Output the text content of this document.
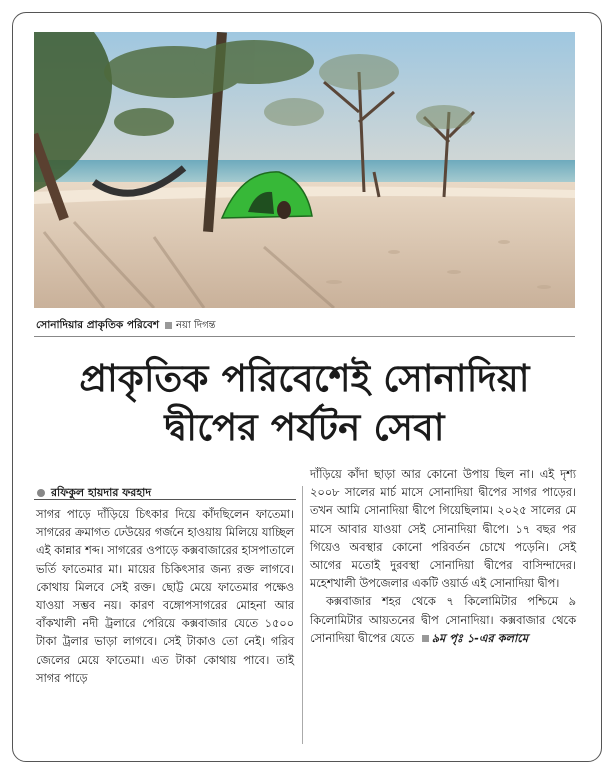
সোনাদিয়ার প্রাকৃতিক পরিবেশ নয়া দিগন্ত
প্রাকৃতিক পরিবেশেই সোনাদিয়া
দ্বীপের পর্যটন সেবা
রফিকুল হায়দার ফরহাদ

সাগর পাড়ে দাঁড়িয়ে চিৎকার দিয়ে কাঁদছিলেন ফাতেমা। সাগরের ক্রমাগত ঢেউয়ের গর্জনে হাওয়ায় মিলিয়ে যাচ্ছিল এই কান্নার শব্দ। সাগরের ওপাড়ে কক্সবাজারের হাসপাতালে ভর্তি ফাতেমার মা। মায়ের চিকিৎসার জন্য রক্ত লাগবে। কোথায় মিলবে সেই রক্ত। ছোট্ট মেয়ে ফাতেমার পক্ষেও যাওয়া সম্ভব নয়। কারণ বঙ্গোপসাগরের মোহনা আর বাঁকখালী নদী ট্রলারে পেরিয়ে কক্সবাজার যেতে ১৫০০ টাকা ট্রলার ভাড়া লাগবে। সেই টাকাও তো নেই। গরিব জেলের মেয়ে ফাতেমা। এত টাকা কোথায় পাবে। তাই সাগর পাড়ে

দাঁড়িয়ে কাঁদা ছাড়া আর কোনো উপায় ছিল না। এই দৃশ্য ২০০৮ সালের মার্চ মাসে সোনাদিয়া দ্বীপের সাগর পাড়ের। তখন আমি সোনাদিয়া দ্বীপে গিয়েছিলাম। ২০২৫ সালের মে মাসে আবার যাওয়া সেই সোনাদিয়া দ্বীপে। ১৭ বছর পর গিয়েও অবস্থার কোনো পরিবর্তন চোখে পড়েনি। সেই আগের মতোই দুরবস্থা সোনাদিয়া দ্বীপের বাসিন্দাদের। মহেশখালী উপজেলার একটি ওয়ার্ড এই সোনাদিয়া দ্বীপ।

কক্সবাজার শহর থেকে ৭ কিলোমিটার পশ্চিমে ৯ কিলোমিটার আয়তনের দ্বীপ সোনাদিয়া। কক্সবাজার থেকে সোনাদিয়া দ্বীপের যেতে ৯ম পৃঃ ১-এর কলামে
